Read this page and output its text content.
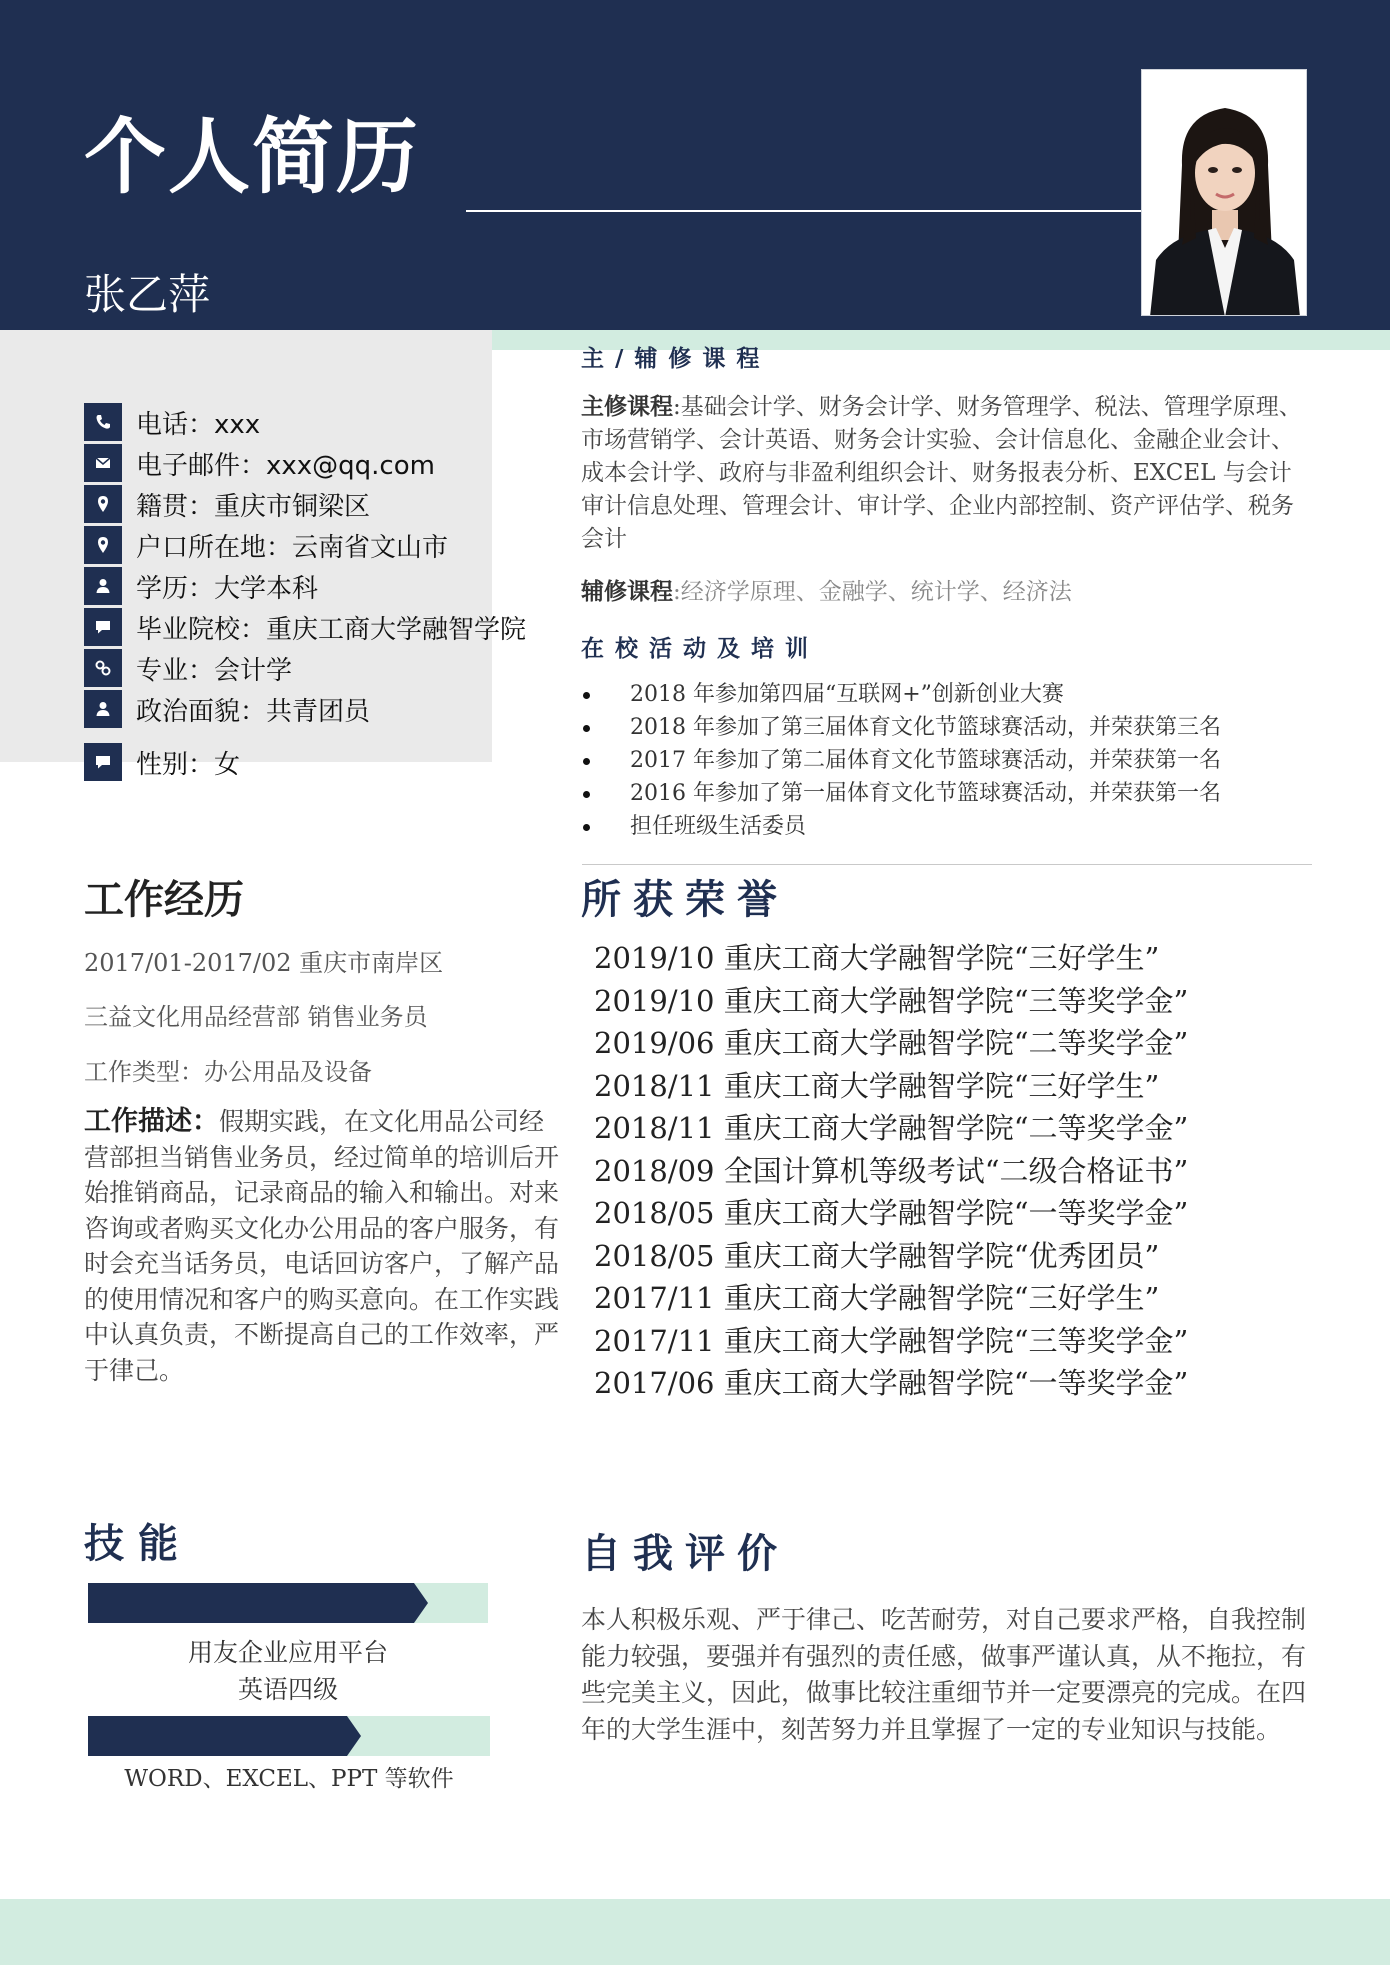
个人简历
张乙萍
电话：xxx
电子邮件：xxx@qq.com
籍贯：重庆市铜梁区
户口所在地：云南省文山市
学历：大学本科
毕业院校：重庆工商大学融智学院
专业：会计学
政治面貌：共青团员
性别：女
主/辅修课程
主修课程:基础会计学、财务会计学、财务管理学、税法、管理学原理、市场营销学、会计英语、财务会计实验、会计信息化、金融企业会计、成本会计学、政府与非盈利组织会计、财务报表分析、EXCEL 与会计审计信息处理、管理会计、审计学、企业内部控制、资产评估学、税务会计
辅修课程:经济学原理、金融学、统计学、经济法
在校活动及培训
2018 年参加第四届“互联网+”创新创业大赛
2018 年参加了第三届体育文化节篮球赛活动，并荣获第三名
2017 年参加了第二届体育文化节篮球赛活动，并荣获第一名
2016 年参加了第一届体育文化节篮球赛活动，并荣获第一名
担任班级生活委员
工作经历
2017/01-2017/02 重庆市南岸区
三益文化用品经营部 销售业务员
工作类型：办公用品及设备
工作描述：假期实践，在文化用品公司经营部担当销售业务员，经过简单的培训后开始推销商品，记录商品的输入和输出。对来咨询或者购买文化办公用品的客户服务，有时会充当话务员，电话回访客户，了解产品的使用情况和客户的购买意向。在工作实践中认真负责，不断提高自己的工作效率，严于律己。
所获荣誉
2019/10 重庆工商大学融智学院“三好学生”
2019/10 重庆工商大学融智学院“三等奖学金”
2019/06 重庆工商大学融智学院“二等奖学金”
2018/11 重庆工商大学融智学院“三好学生”
2018/11 重庆工商大学融智学院“二等奖学金”
2018/09 全国计算机等级考试“二级合格证书”
2018/05 重庆工商大学融智学院“一等奖学金”
2018/05 重庆工商大学融智学院“优秀团员”
2017/11 重庆工商大学融智学院“三好学生”
2017/11 重庆工商大学融智学院“三等奖学金”
2017/06 重庆工商大学融智学院“一等奖学金”
技能
用友企业应用平台
英语四级
WORD、EXCEL、PPT 等软件
自我评价
本人积极乐观、严于律己、吃苦耐劳，对自己要求严格，自我控制能力较强，要强并有强烈的责任感，做事严谨认真，从不拖拉，有些完美主义，因此，做事比较注重细节并一定要漂亮的完成。在四年的大学生涯中，刻苦努力并且掌握了一定的专业知识与技能。
